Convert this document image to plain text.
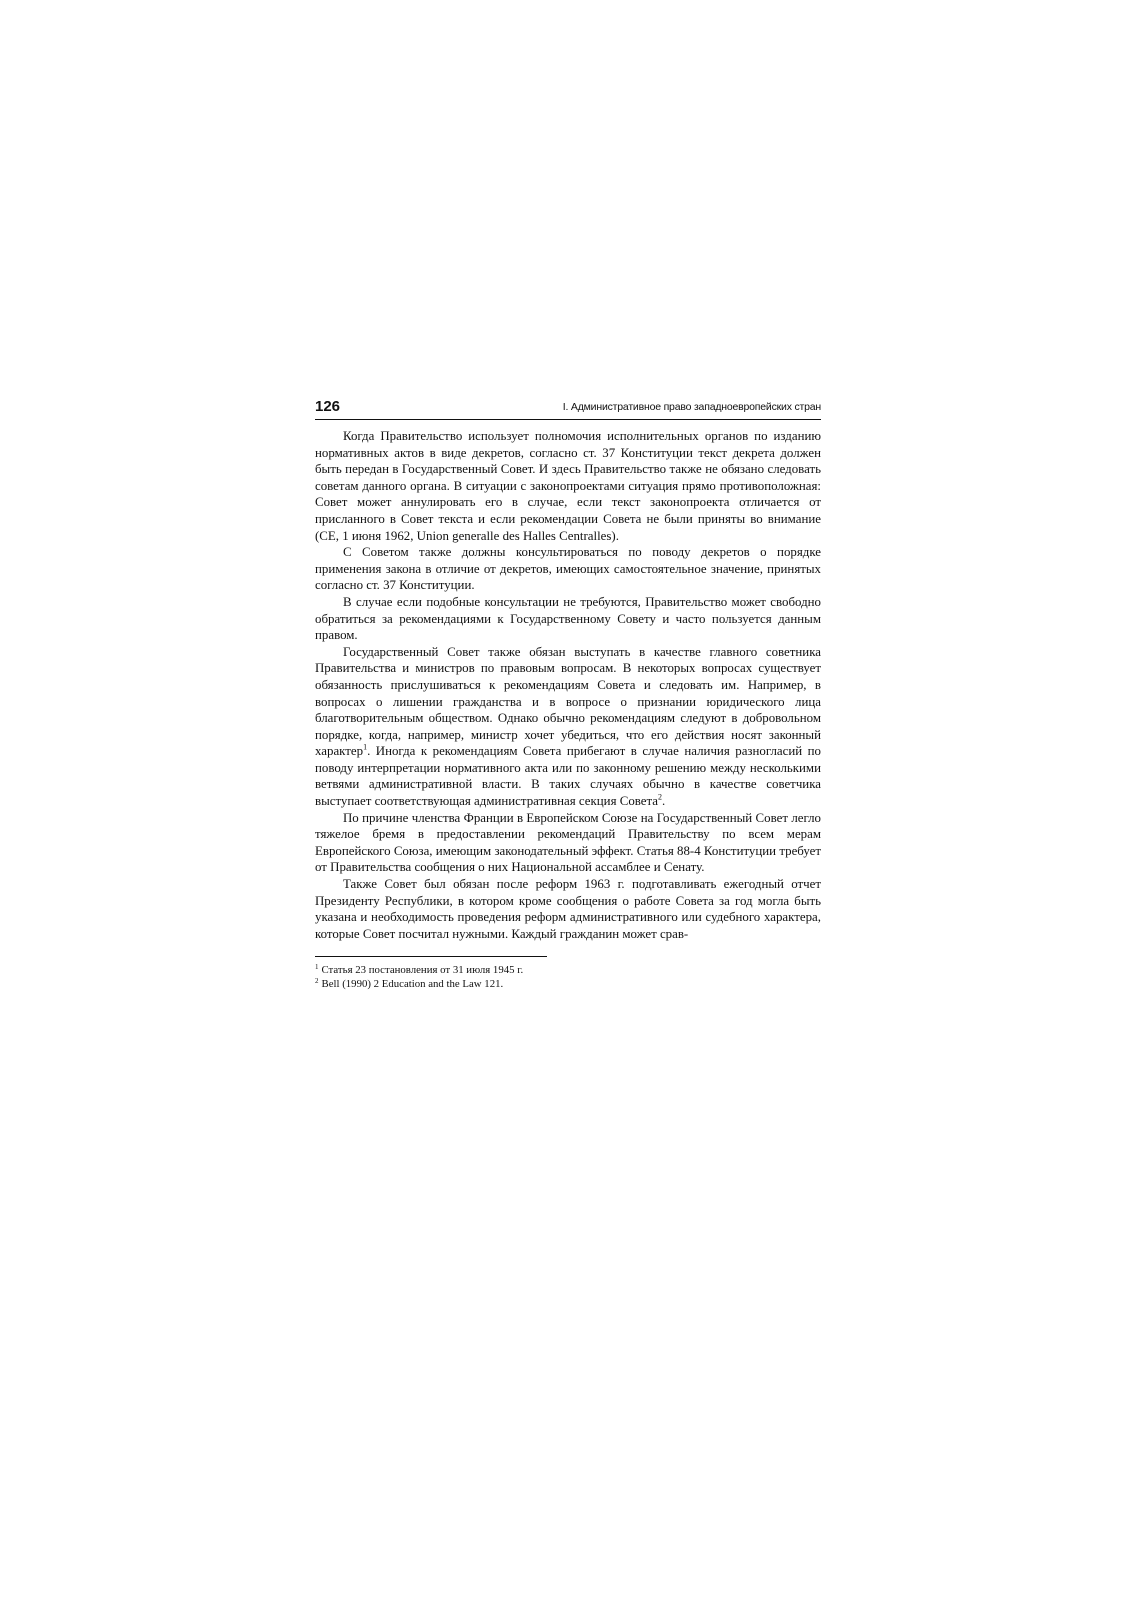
126	I. Административное право западноевропейских стран

Когда Правительство использует полномочия исполнительных органов по изданию нормативных актов в виде декретов, согласно ст. 37 Конституции текст декрета должен быть передан в Государственный Совет. И здесь Правительство также не обязано следовать советам данного органа. В ситуации с законопроектами ситуация прямо противоположная: Совет может аннулировать его в случае, если текст законопроекта отличается от присланного в Совет текста и если рекомендации Совета не были приняты во внимание (CE, 1 июня 1962, Union generalle des Halles Centralles).

С Советом также должны консультироваться по поводу декретов о порядке применения закона в отличие от декретов, имеющих самостоятельное значение, принятых согласно ст. 37 Конституции.

В случае если подобные консультации не требуются, Правительство может свободно обратиться за рекомендациями к Государственному Совету и часто пользуется данным правом.

Государственный Совет также обязан выступать в качестве главного советника Правительства и министров по правовым вопросам. В некоторых вопросах существует обязанность прислушиваться к рекомендациям Совета и следовать им. Например, в вопросах о лишении гражданства и в вопросе о признании юридического лица благотворительным обществом. Однако обычно рекомендациям следуют в добровольном порядке, когда, например, министр хочет убедиться, что его действия носят законный характер$^1$. Иногда к рекомендациям Совета прибегают в случае наличия разногласий по поводу интерпретации нормативного акта или по законному решению между несколькими ветвями административной власти. В таких случаях обычно в качестве советчика выступает соответствующая административная секция Совета$^2$.

По причине членства Франции в Европейском Союзе на Государственный Совет легло тяжелое бремя в предоставлении рекомендаций Правительству по всем мерам Европейского Союза, имеющим законодательный эффект. Статья 88-4 Конституции требует от Правительства сообщения о них Национальной ассамблее и Сенату.

Также Совет был обязан после реформ 1963 г. подготавливать ежегодный отчет Президенту Республики, в котором кроме сообщения о работе Совета за год могла быть указана и необходимость проведения реформ административного или судебного характера, которые Совет посчитал нужными. Каждый гражданин может срав-

$^1$ Статья 23 постановления от 31 июля 1945 г.

$^2$ Bell (1990) 2 Education and the Law 121.
